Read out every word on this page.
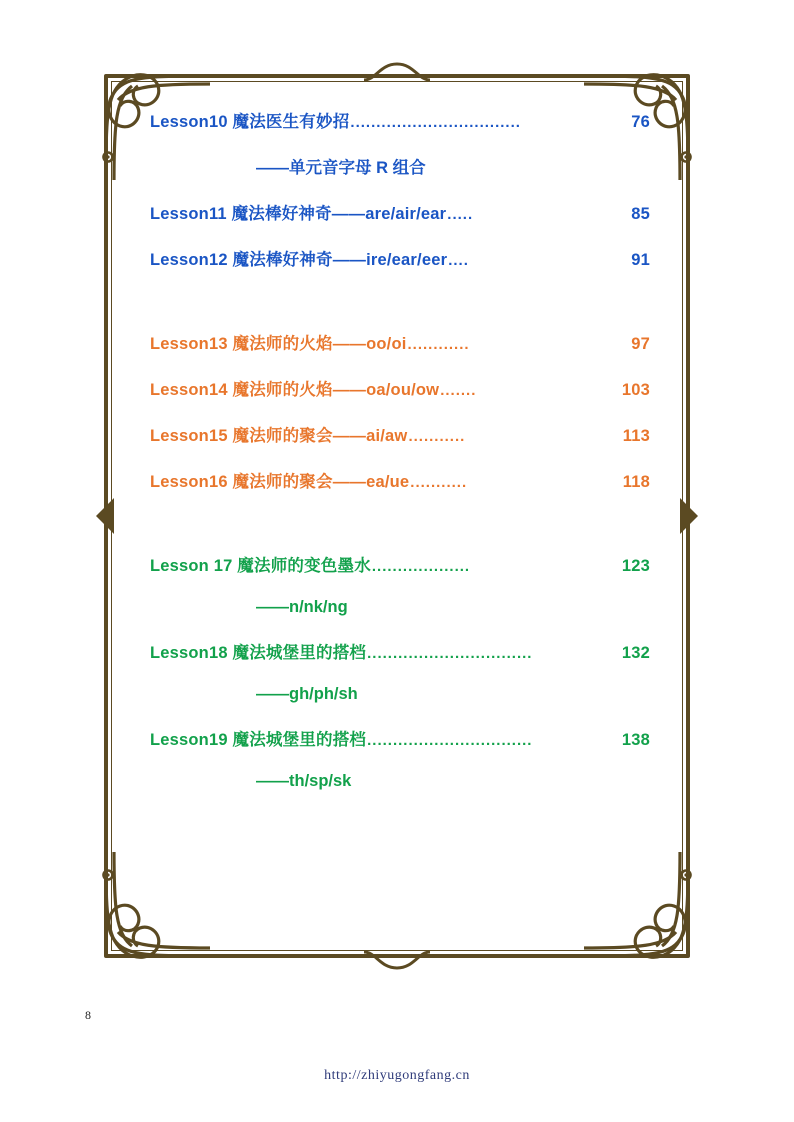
Lesson10 魔法医生有妙招 .................................	76
——单元音字母 R 组合
Lesson11 魔法棒好神奇——are/air/ear .....	85
Lesson12 魔法棒好神奇——ire/ear/eer ....	91
Lesson13 魔法师的火焰——oo/oi ............	97
Lesson14 魔法师的火焰——oa/ou/ow .......	103
Lesson15 魔法师的聚会——ai/aw ...........	113
Lesson16 魔法师的聚会——ea/ue ...........	118
Lesson 17 魔法师的变色墨水 ...................	123
——n/nk/ng
Lesson18 魔法城堡里的搭档 ................................	132
——gh/ph/sh
Lesson19 魔法城堡里的搭档 ................................	138
——th/sp/sk
8
http://zhiyugongfang.cn
